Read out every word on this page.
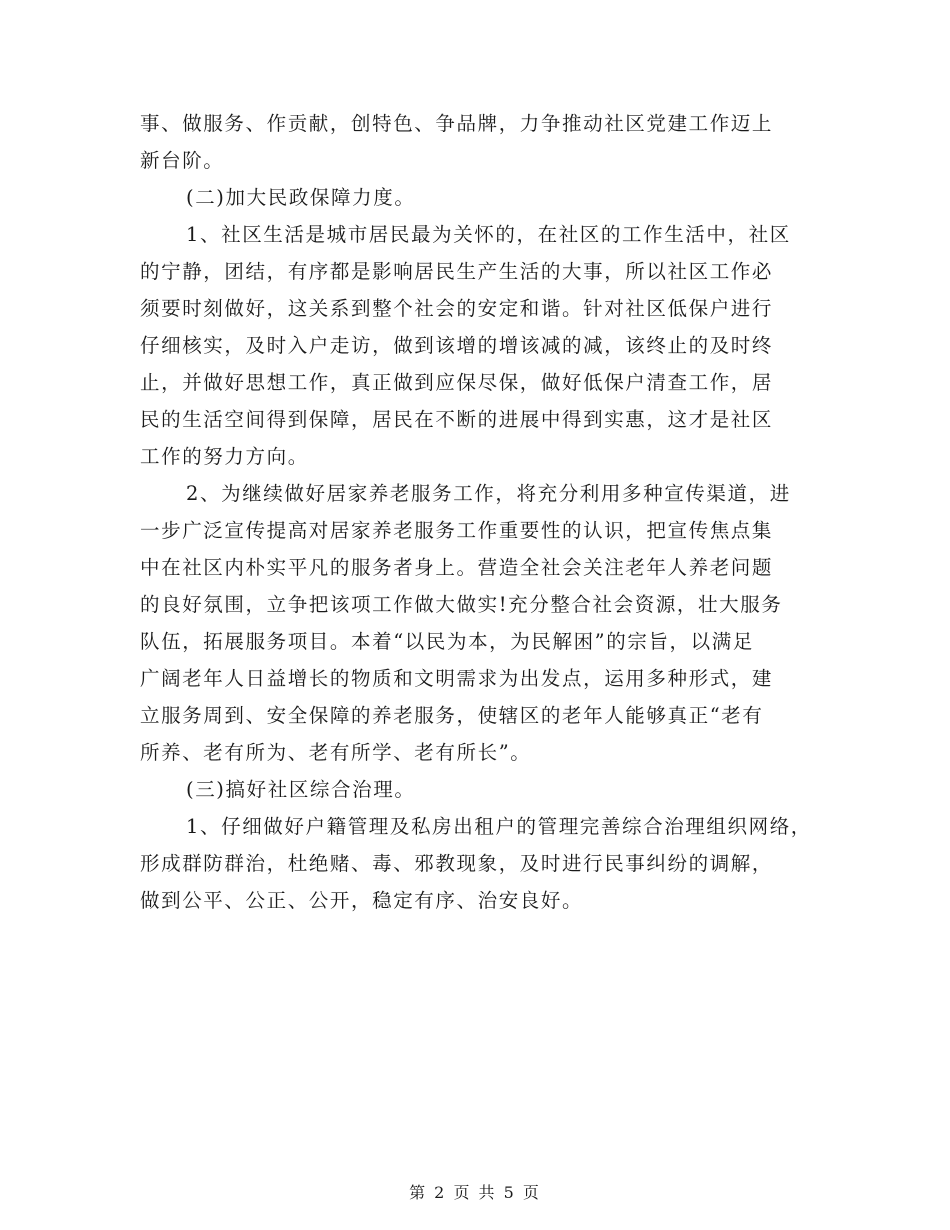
事、做服务、作贡献，创特色、争品牌，力争推动社区党建工作迈上
新台阶。
(二)加大民政保障力度。
1、社区生活是城市居民最为关怀的，在社区的工作生活中，社区
的宁静，团结，有序都是影响居民生产生活的大事，所以社区工作必
须要时刻做好，这关系到整个社会的安定和谐。针对社区低保户进行
仔细核实，及时入户走访，做到该增的增该减的减，该终止的及时终
止，并做好思想工作，真正做到应保尽保，做好低保户清查工作，居
民的生活空间得到保障，居民在不断的进展中得到实惠，这才是社区
工作的努力方向。
2、为继续做好居家养老服务工作，将充分利用多种宣传渠道，进
一步广泛宣传提高对居家养老服务工作重要性的认识，把宣传焦点集
中在社区内朴实平凡的服务者身上。营造全社会关注老年人养老问题
的良好氛围，立争把该项工作做大做实!充分整合社会资源，壮大服务
队伍，拓展服务项目。本着“以民为本，为民解困”的宗旨，以满足
广阔老年人日益增长的物质和文明需求为出发点，运用多种形式，建
立服务周到、安全保障的养老服务，使辖区的老年人能够真正“老有
所养、老有所为、老有所学、老有所长”。
(三)搞好社区综合治理。
1、仔细做好户籍管理及私房出租户的管理完善综合治理组织网络，
形成群防群治，杜绝赌、毒、邪教现象，及时进行民事纠纷的调解，
做到公平、公正、公开，稳定有序、治安良好。
第 2 页 共 5 页
